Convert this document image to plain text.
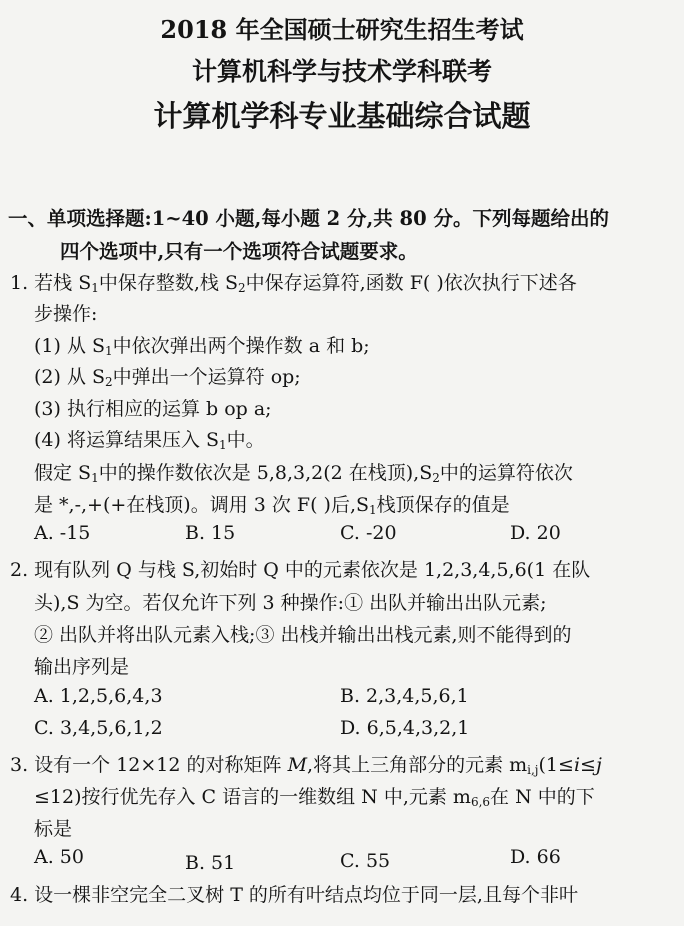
2018 年全国硕士研究生招生考试
计算机科学与技术学科联考
计算机学科专业基础综合试题
一、单项选择题:1~40 小题,每小题 2 分,共 80 分。下列每题给出的
四个选项中,只有一个选项符合试题要求。
1. 若栈 $S_1$中保存整数,栈 $S_2$中保存运算符,函数 F( )依次执行下述各
步操作:
(1) 从 $S_1$中依次弹出两个操作数 a 和 b;
(2) 从 $S_2$中弹出一个运算符 op;
(3) 执行相应的运算 b op a;
(4) 将运算结果压入 $S_1$中。
假定 $S_1$中的操作数依次是 5,8,3,2(2 在栈顶)$,S_2$中的运算符依次
是 *,-,+(+在栈顶)。调用 3 次 F( )后$,S_1$栈顶保存的值是
A. -15	B. 15	C. -20	D. 20
2. 现有队列 Q 与栈 S,初始时 Q 中的元素依次是 1,2,3,4,5,6(1 在队
头),S 为空。若仅允许下列 3 种操作:① 出队并输出出队元素;
② 出队并将出队元素入栈;③ 出栈并输出出栈元素,则不能得到的
输出序列是
A. 1,2,5,6,4,3	B. 2,3,4,5,6,1
C. 3,4,5,6,1,2	D. 6,5,4,3,2,1
3. 设有一个 12×12 的对称矩阵 M,将其上三角部分的元素 $m_{i,j}(1\le i\le j$
≤12)按行优先存入 C 语言的一维数组 N 中,元素 $m_{6,6}$在 N 中的下
标是
A. 50	B. 51	C. 55	D. 66
4. 设一棵非空完全二叉树 T 的所有叶结点均位于同一层,且每个非叶
